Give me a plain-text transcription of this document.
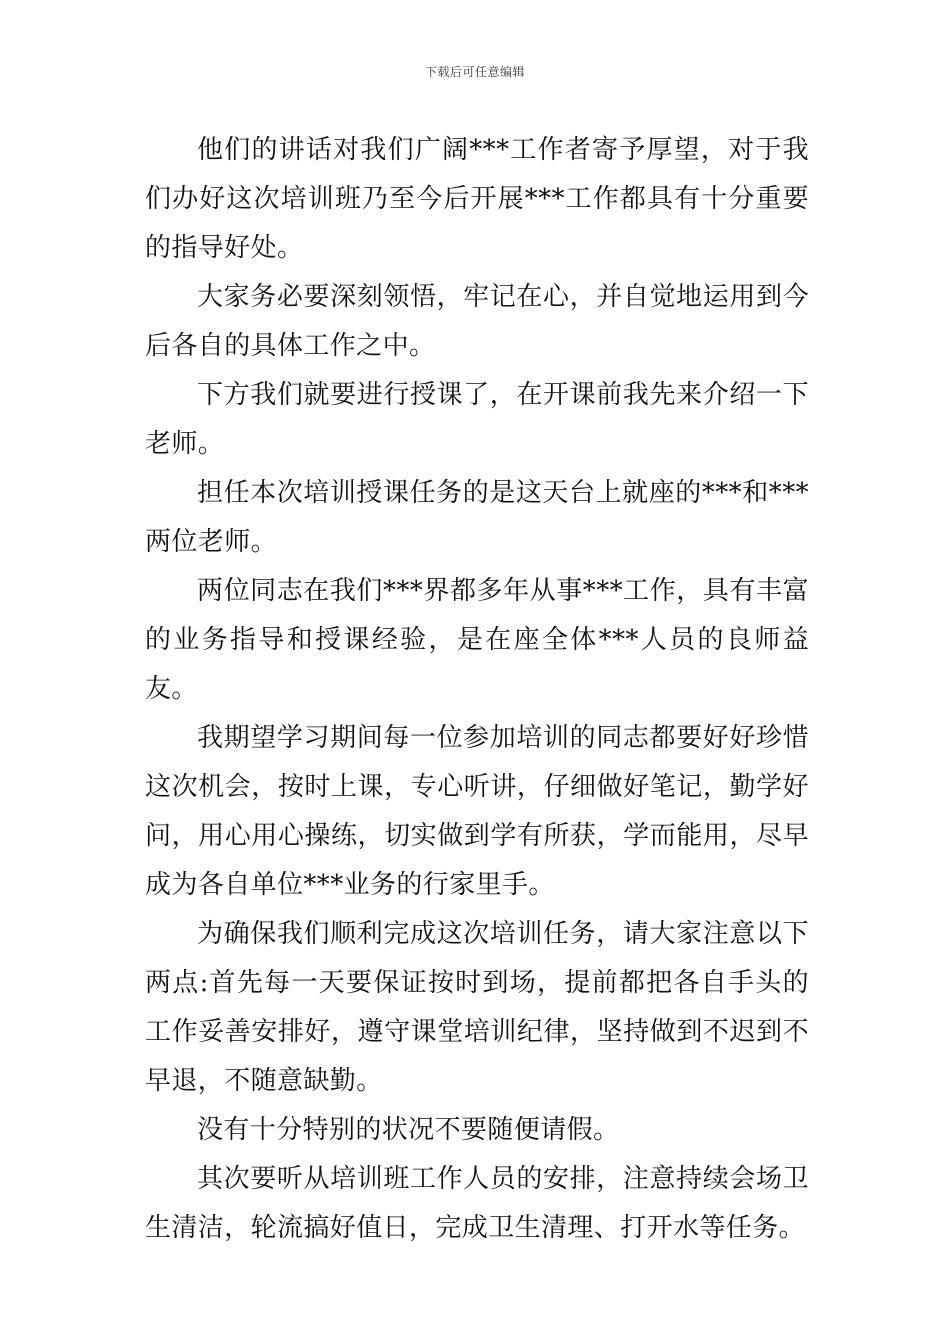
下载后可任意编辑

他们的讲话对我们广阔***工作者寄予厚望，对于我们办好这次培训班乃至今后开展***工作都具有十分重要的指导好处。

大家务必要深刻领悟，牢记在心，并自觉地运用到今后各自的具体工作之中。

下方我们就要进行授课了，在开课前我先来介绍一下老师。

担任本次培训授课任务的是这天台上就座的***和***两位老师。

两位同志在我们***界都多年从事***工作，具有丰富的业务指导和授课经验，是在座全体***人员的良师益友。

我期望学习期间每一位参加培训的同志都要好好珍惜这次机会，按时上课，专心听讲，仔细做好笔记，勤学好问，用心用心操练，切实做到学有所获，学而能用，尽早成为各自单位***业务的行家里手。

为确保我们顺利完成这次培训任务，请大家注意以下两点:首先每一天要保证按时到场，提前都把各自手头的工作妥善安排好，遵守课堂培训纪律，坚持做到不迟到不早退，不随意缺勤。

没有十分特别的状况不要随便请假。

其次要听从培训班工作人员的安排，注意持续会场卫生清洁，轮流搞好值日，完成卫生清理、打开水等任务。
